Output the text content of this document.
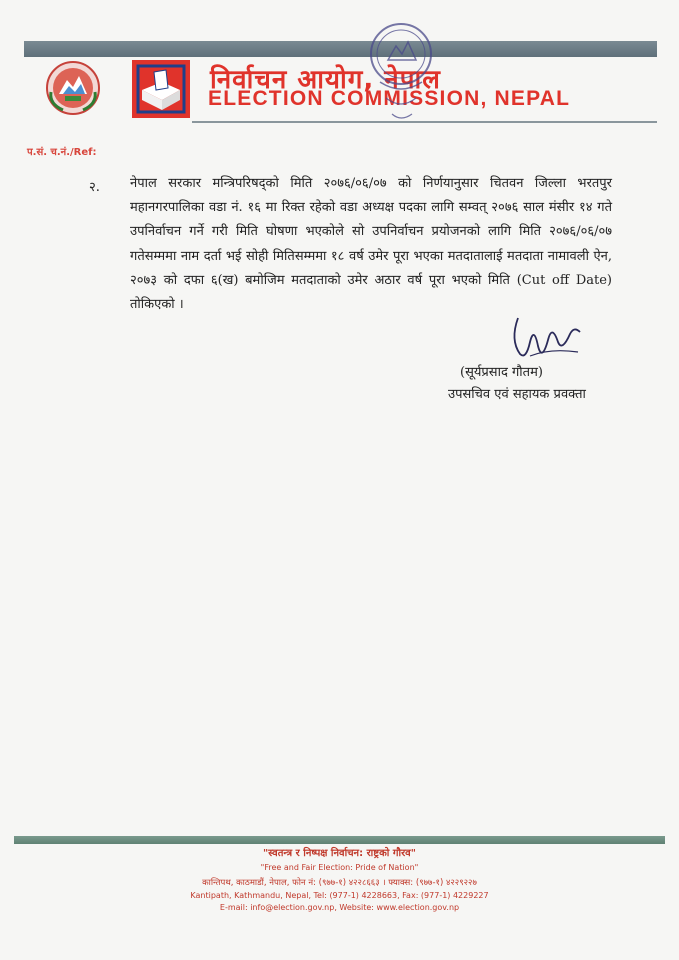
निर्वाचन आयोग, नेपाल
ELECTION COMMISSION, NEPAL
प.सं. च.नं./Ref:
२. नेपाल सरकार मन्त्रिपरिषद्को मिति २०७६/०६/०७ को निर्णयानुसार चितवन जिल्ला भरतपुर महानगरपालिका वडा नं. १६ मा रिक्त रहेको वडा अध्यक्ष पदका लागि सम्वत् २०७६ साल मंसीर १४ गते उपनिर्वाचन गर्ने गरी मिति घोषणा भएकोले सो उपनिर्वाचन प्रयोजनको लागि मिति २०७६/०६/०७ गतेसम्ममा नाम दर्ता भई सोही मितिसम्ममा १८ वर्ष उमेर पूरा भएका मतदातालाई मतदाता नामावली ऐन, २०७३ को दफा ६(ख) बमोजिम मतदाताको उमेर अठार वर्ष पूरा भएको मिति (Cut off Date) तोकिएको ।
(सूर्यप्रसाद गौतम)
उपसचिव एवं सहायक प्रवक्ता
"स्वतन्त्र र निष्पक्ष निर्वाचन: राष्ट्रको गौरव"
"Free and Fair Election: Pride of Nation"
कान्तिपथ, काठमाडौं, नेपाल, फोन नं: (९७७-१) ४२२८६६३ । फ्याक्स: (९७७-१) ४२२९२२७
Kantipath, Kathmandu, Nepal, Tel: (977-1) 4228663, Fax: (977-1) 4229227
E-mail: info@election.gov.np, Website: www.election.gov.np
